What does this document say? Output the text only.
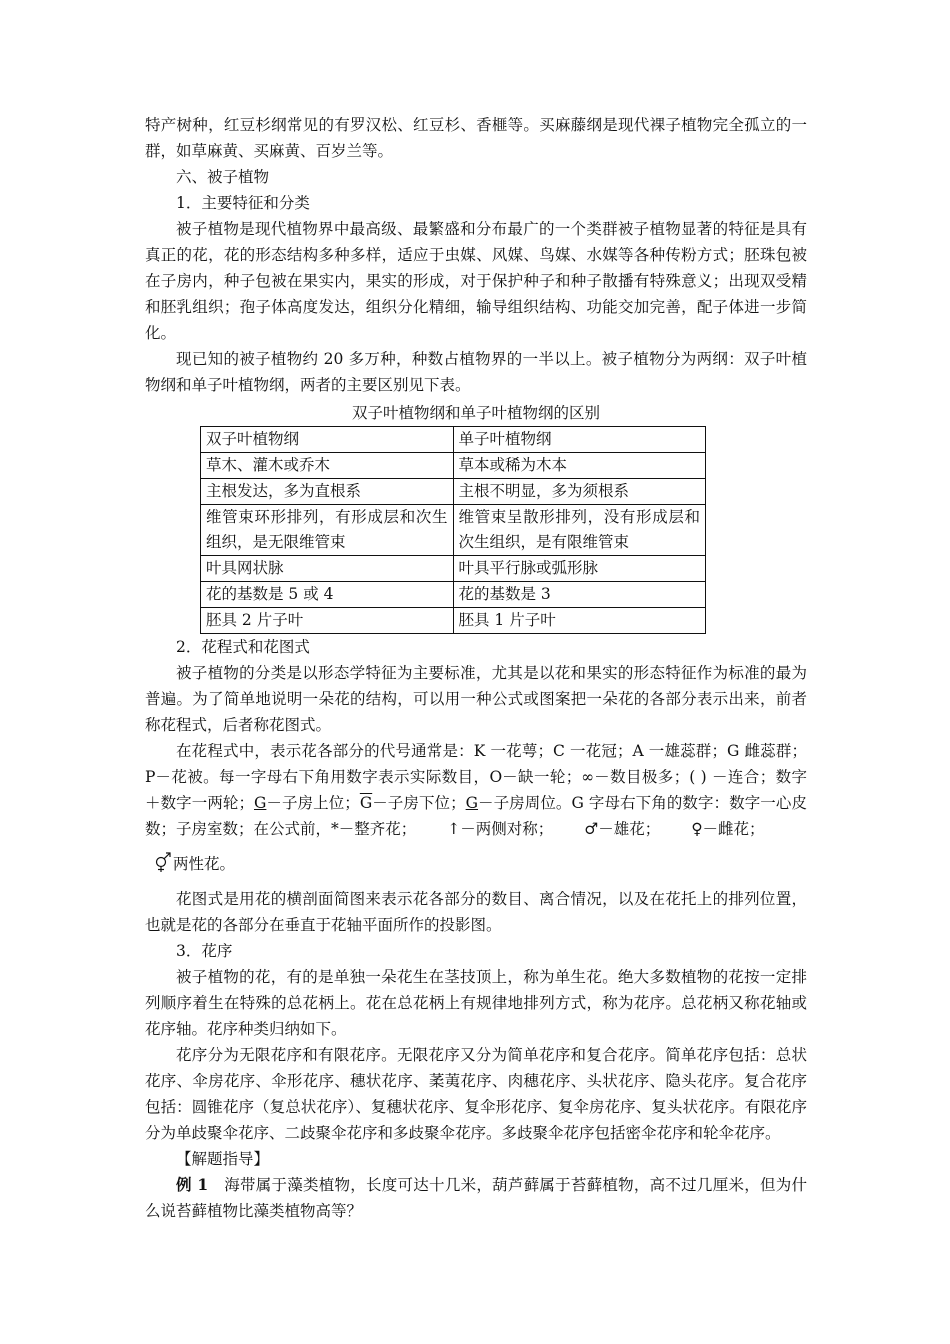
特产树种，红豆杉纲常见的有罗汉松、红豆杉、香榧等。买麻藤纲是现代裸子植物完全孤立的一群，如草麻黄、买麻黄、百岁兰等。

六、被子植物

1．主要特征和分类

被子植物是现代植物界中最高级、最繁盛和分布最广的一个类群被子植物显著的特征是具有真正的花，花的形态结构多种多样，适应于虫媒、风媒、鸟媒、水媒等各种传粉方式；胚珠包被在子房内，种子包被在果实内，果实的形成，对于保护种子和种子散播有特殊意义；出现双受精和胚乳组织；孢子体高度发达，组织分化精细，输导组织结构、功能交加完善，配子体进一步简化。

现已知的被子植物约 20 多万种，种数占植物界的一半以上。被子植物分为两纲：双子叶植物纲和单子叶植物纲，两者的主要区别见下表。

双子叶植物纲和单子叶植物纲的区别

双子叶植物纲	单子叶植物纲
草木、灌木或乔木	草本或稀为木本
主根发达，多为直根系	主根不明显，多为须根系
维管束环形排列，有形成层和次生组织，是无限维管束	维管束呈散形排列，没有形成层和次生组织，是有限维管束
叶具网状脉	叶具平行脉或弧形脉
花的基数是 5 或 4	花的基数是 3
胚具 2 片子叶	胚具 1 片子叶

2．花程式和花图式

被子植物的分类是以形态学特征为主要标准，尤其是以花和果实的形态特征作为标准的最为普遍。为了简单地说明一朵花的结构，可以用一种公式或图案把一朵花的各部分表示出来，前者称花程式，后者称花图式。

在花程式中，表示花各部分的代号通常是：K 一花萼；C 一花冠；A 一雄蕊群；G 雌蕊群；P－花被。每一字母右下角用数字表示实际数目，O－缺一轮；∞－数目极多；( ) －连合；数字＋数字一两轮；G－子房上位；$\overline{G}-$子房下位；G－子房周位。G 字母右下角的数字：数字一心皮数；子房室数；在公式前，*－整齐花； ↑－两侧对称； ♂－雄花； ♀－雌花；

两性花。

花图式是用花的横剖面简图来表示花各部分的数目、离合情况，以及在花托上的排列位置，也就是花的各部分在垂直于花轴平面所作的投影图。

3．花序

被子植物的花，有的是单独一朵花生在茎技顶上，称为单生花。绝大多数植物的花按一定排列顺序着生在特殊的总花柄上。花在总花柄上有规律地排列方式，称为花序。总花柄又称花轴或花序轴。花序种类归纳如下。

花序分为无限花序和有限花序。无限花序又分为简单花序和复合花序。简单花序包括：总状花序、伞房花序、伞形花序、穗状花序、葇荑花序、肉穗花序、头状花序、隐头花序。复合花序包括：圆锥花序（复总状花序）、复穗状花序、复伞形花序、复伞房花序、复头状花序。有限花序分为单歧聚伞花序、二歧聚伞花序和多歧聚伞花序。多歧聚伞花序包括密伞花序和轮伞花序。

【解题指导】

例 1　 海带属于藻类植物，长度可达十几米，葫芦藓属于苔藓植物，高不过几厘米，但为什么说苔藓植物比藻类植物高等？
